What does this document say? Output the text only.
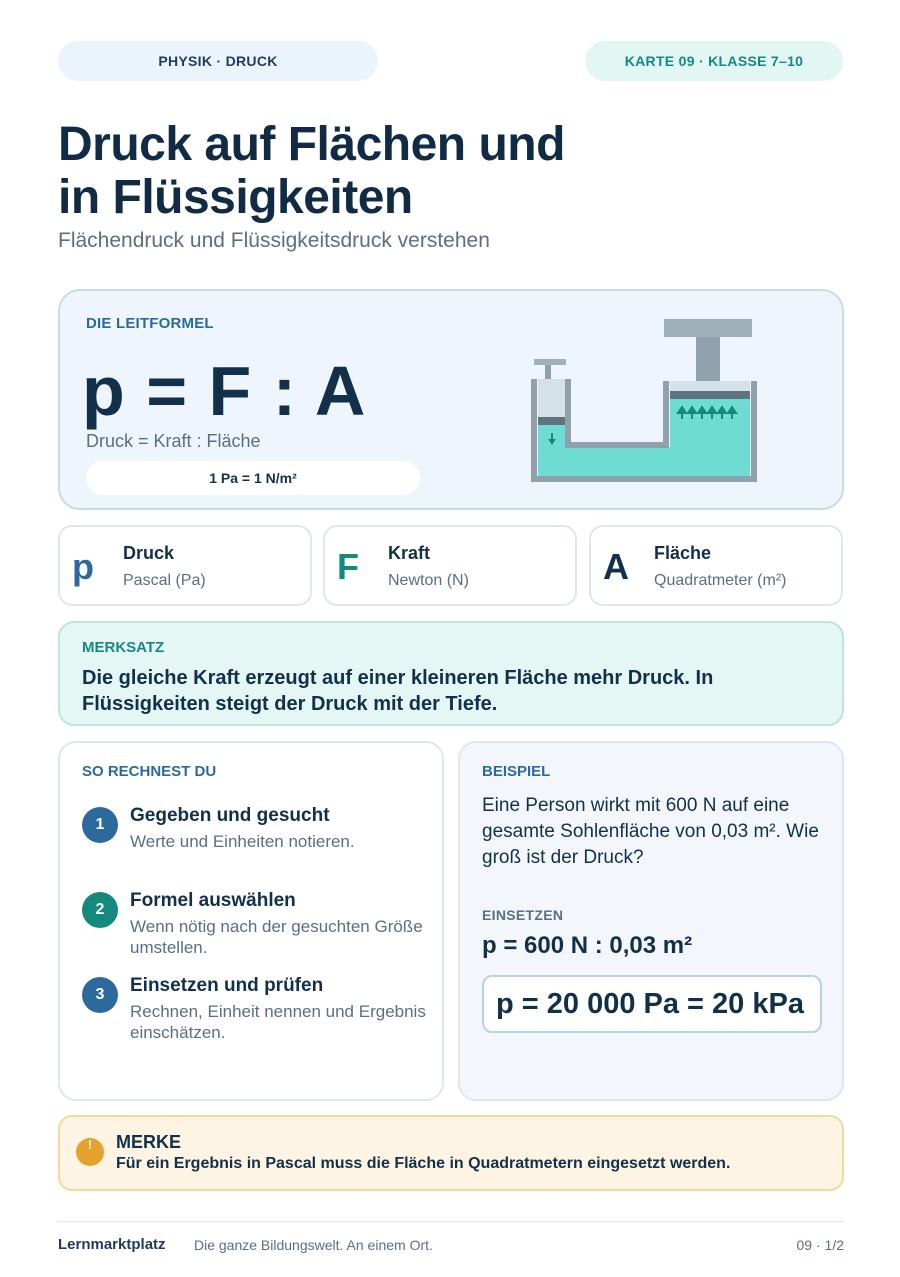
PHYSIK · DRUCK	KARTE 09 · KLASSE 7–10
Druck auf Flächen und in Flüssigkeiten
Flächendruck und Flüssigkeitsdruck verstehen
DIE LEITFORMEL
p = F : A
Druck = Kraft : Fläche
1 Pa = 1 N/m²
p Druck
Pascal (Pa)	F Kraft
Newton (N)	A Fläche
Quadratmeter (m²)
MERKSATZ
Die gleiche Kraft erzeugt auf einer kleineren Fläche mehr Druck. In Flüssigkeiten steigt der Druck mit der Tiefe.
SO RECHNEST DU
1	Gegeben und gesucht
Werte und Einheiten notieren.
2	Formel auswählen
Wenn nötig nach der gesuchten Größe umstellen.
3	Einsetzen und prüfen
Rechnen, Einheit nennen und Ergebnis einschätzen.
BEISPIEL
Eine Person wirkt mit 600 N auf eine gesamte Sohlenfläche von 0,03 m². Wie groß ist der Druck?
EINSETZEN
p = 600 N : 0,03 m²
p = 20 000 Pa = 20 kPa
!	MERKE
Für ein Ergebnis in Pascal muss die Fläche in Quadratmetern eingesetzt werden.
Lernmarktplatz Die ganze Bildungswelt. An einem Ort.	09 · 1/2
